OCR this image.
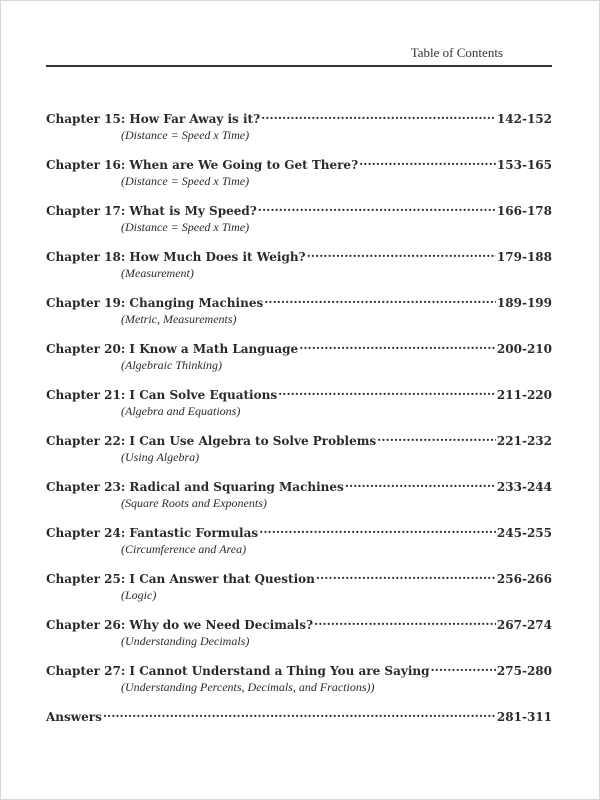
Table of Contents
Chapter 15: How Far Away is it? .....	142-152
(Distance = Speed x Time)
Chapter 16: When are We Going to Get There? .....	153-165
(Distance = Speed x Time)
Chapter 17: What is My Speed? .....	166-178
(Distance = Speed x Time)
Chapter 18: How Much Does it Weigh? .....	179-188
(Measurement)
Chapter 19: Changing Machines .....	189-199
(Metric, Measurements)
Chapter 20: I Know a Math Language .....	200-210
(Algebraic Thinking)
Chapter 21: I Can Solve Equations .....	211-220
(Algebra and Equations)
Chapter 22: I Can Use Algebra to Solve Problems .....	221-232
(Using Algebra)
Chapter 23: Radical and Squaring Machines .....	233-244
(Square Roots and Exponents)
Chapter 24: Fantastic Formulas .....	245-255
(Circumference and Area)
Chapter 25: I Can Answer that Question .....	256-266
(Logic)
Chapter 26: Why do we Need Decimals? .....	267-274
(Understanding Decimals)
Chapter 27: I Cannot Understand a Thing You are Saying .....	275-280
(Understanding Percents, Decimals, and Fractions))
Answers .....	281-311
